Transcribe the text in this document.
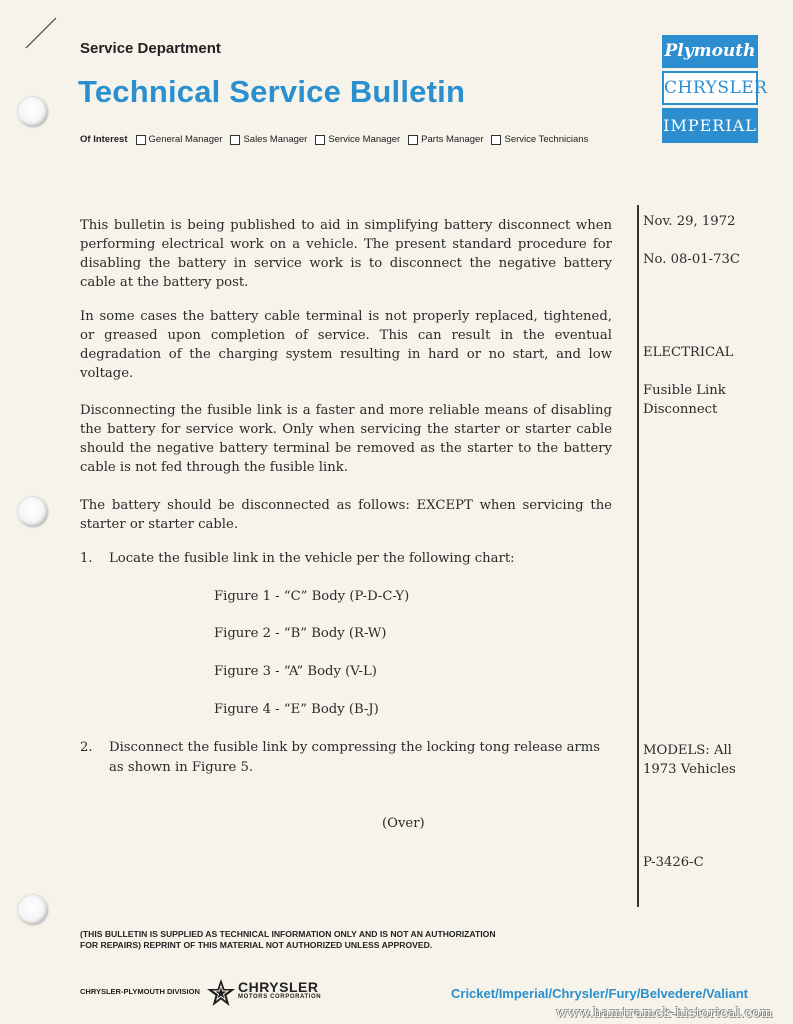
Service Department
Technical Service Bulletin
Of Interest General Manager Sales Manager Service Manager Parts Manager Service Technicians
Plymouth
CHRYSLER
IMPERIAL
This bulletin is being published to aid in simplifying battery disconnect when performing electrical work on a vehicle. The present standard procedure for disabling the battery in service work is to disconnect the negative battery cable at the battery post.
In some cases the battery cable terminal is not properly replaced, tightened, or greased upon completion of service. This can result in the eventual degradation of the charging system resulting in hard or no start, and low voltage.
Disconnecting the fusible link is a faster and more reliable means of disabling the battery for service work. Only when servicing the starter or starter cable should the negative battery terminal be removed as the starter to the battery cable is not fed through the fusible link.
The battery should be disconnected as follows: EXCEPT when servicing the starter or starter cable.
1. Locate the fusible link in the vehicle per the following chart:
Figure 1 - “C” Body (P-D-C-Y)
Figure 2 - “B” Body (R-W)
Figure 3 - “A” Body (V-L)
Figure 4 - “E” Body (B-J)
2. Disconnect the fusible link by compressing the locking tong release arms
as shown in Figure 5.
(Over)
Nov. 29, 1972
No. 08-01-73C
ELECTRICAL
Fusible Link
Disconnect
MODELS: All
1973 Vehicles
P-3426-C
(THIS BULLETIN IS SUPPLIED AS TECHNICAL INFORMATION ONLY AND IS NOT AN AUTHORIZATION
FOR REPAIRS) REPRINT OF THIS MATERIAL NOT AUTHORIZED UNLESS APPROVED.
CHRYSLER-PLYMOUTH DIVISION	CHRYSLER
MOTORS CORPORATION	Cricket/Imperial/Chrysler/Fury/Belvedere/Valiant
www.hamtramck-historical.com
